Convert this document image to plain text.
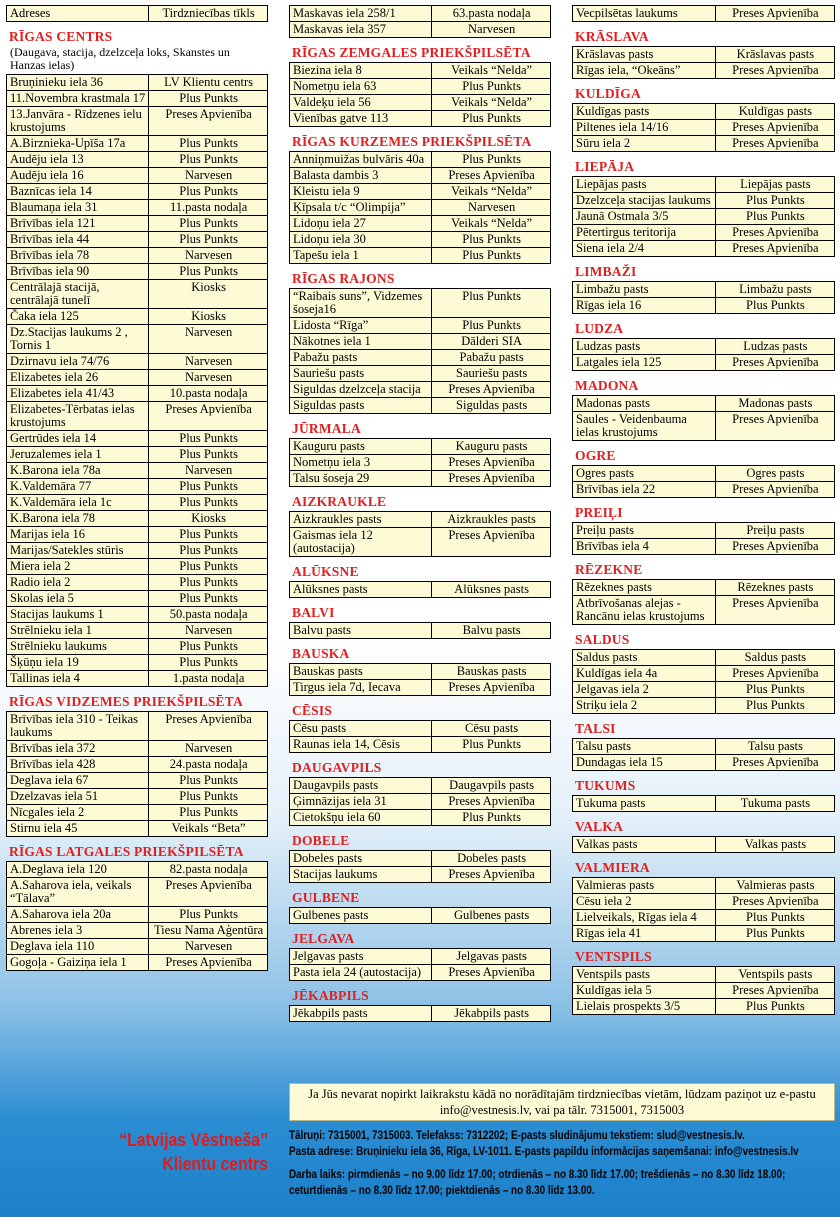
Adreses	Tirdzniecības tīkls
RĪGAS CENTRS
(Daugava, stacija, dzelzceļa loks, Skanstes un Hanzas ielas)
Bruņinieku iela 36	LV Klientu centrs
11.Novembra krastmala 17	Plus Punkts
13.Janvāra - Rīdzenes ielu krustojums	Preses Apvienība
A.Birznieka-Upīša 17a	Plus Punkts
Audēju iela 13	Plus Punkts
Audēju iela 16	Narvesen
Baznīcas iela 14	Plus Punkts
Blaumaņa iela 31	11.pasta nodaļa
Brīvības iela 121	Plus Punkts
Brīvības iela 44	Plus Punkts
Brīvības iela 78	Narvesen
Brīvības iela 90	Plus Punkts
Centrālajā stacijā, centrālajā tunelī	Kiosks
Čaka iela 125	Kiosks
Dz.Stacijas laukums 2 , Tornis 1	Narvesen
Dzirnavu iela 74/76	Narvesen
Elizabetes iela 26	Narvesen
Elizabetes iela 41/43	10.pasta nodaļa
Elizabetes-Tērbatas ielas krustojums	Preses Apvienība
Gertrūdes iela 14	Plus Punkts
Jeruzalemes iela 1	Plus Punkts
K.Barona iela 78a	Narvesen
K.Valdemāra 77	Plus Punkts
K.Valdemāra iela 1c	Plus Punkts
K.Barona iela 78	Kiosks
Marijas iela 16	Plus Punkts
Marijas/Satekles stūris	Plus Punkts
Miera iela 2	Plus Punkts
Radio iela 2	Plus Punkts
Skolas iela 5	Plus Punkts
Stacijas laukums 1	50.pasta nodaļa
Strēlnieku iela 1	Narvesen
Strēlnieku laukums	Plus Punkts
Šķūņu iela 19	Plus Punkts
Tallinas iela 4	1.pasta nodaļa
RĪGAS VIDZEMES PRIEKŠPILSĒTA
Brīvības iela 310 - Teikas laukums	Preses Apvienība
Brīvības iela 372	Narvesen
Brīvības iela 428	24.pasta nodaļa
Deglava iela 67	Plus Punkts
Dzelzavas iela 51	Plus Punkts
Nīcgales iela 2	Plus Punkts
Stirnu iela 45	Veikals “Beta”
RĪGAS LATGALES PRIEKŠPILSĒTA
A.Deglava iela 120	82.pasta nodaļa
A.Saharova iela, veikals “Tālava”	Preses Apvienība
A.Saharova iela 20a	Plus Punkts
Abrenes iela 3	Tiesu Nama Aģentūra
Deglava iela 110	Narvesen
Gogoļa - Gaiziņa iela 1	Preses Apvienība
Maskavas iela 258/1	63.pasta nodaļa
Maskavas iela 357	Narvesen
RĪGAS ZEMGALES PRIEKŠPILSĒTA
Biezina iela 8	Veikals “Nelda”
Nometņu iela 63	Plus Punkts
Valdeķu iela 56	Veikals “Nelda”
Vienības gatve 113	Plus Punkts
RĪGAS KURZEMES PRIEKŠPILSĒTA
Anniņmuižas bulvāris 40a	Plus Punkts
Balasta dambis 3	Preses Apvienība
Kleistu iela 9	Veikals “Nelda”
Ķīpsala t/c “Olimpija”	Narvesen
Lidoņu iela 27	Veikals “Nelda”
Lidoņu iela 30	Plus Punkts
Tapešu iela 1	Plus Punkts
RĪGAS RAJONS
“Raibais suns”, Vidzemes šoseja16	Plus Punkts
Lidosta “Rīga”	Plus Punkts
Nākotnes iela 1	Dālderi SIA
Pabažu pasts	Pabažu pasts
Sauriešu pasts	Sauriešu pasts
Siguldas dzelzceļa stacija	Preses Apvienība
Siguldas pasts	Siguldas pasts
JŪRMALA
Kauguru pasts	Kauguru pasts
Nometņu iela 3	Preses Apvienība
Talsu šoseja 29	Preses Apvienība
AIZKRAUKLE
Aizkraukles pasts	Aizkraukles pasts
Gaismas iela 12 (autostacija)	Preses Apvienība
ALŪKSNE
Alūksnes pasts	Alūksnes pasts
BALVI
Balvu pasts	Balvu pasts
BAUSKA
Bauskas pasts	Bauskas pasts
Tirgus iela 7d, Iecava	Preses Apvienība
CĒSIS
Cēsu pasts	Cēsu pasts
Raunas iela 14, Cēsis	Plus Punkts
DAUGAVPILS
Daugavpils pasts	Daugavpils pasts
Ģimnāzijas iela 31	Preses Apvienība
Cietokšņu iela 60	Plus Punkts
DOBELE
Dobeles pasts	Dobeles pasts
Stacijas laukums	Preses Apvienība
GULBENE
Gulbenes pasts	Gulbenes pasts
JELGAVA
Jelgavas pasts	Jelgavas pasts
Pasta iela 24 (autostacija)	Preses Apvienība
JĒKABPILS
Jēkabpils pasts	Jēkabpils pasts
Vecpilsētas laukums	Preses Apvienība
KRĀSLAVA
Krāslavas pasts	Krāslavas pasts
Rīgas iela, “Okeāns”	Preses Apvienība
KULDĪGA
Kuldīgas pasts	Kuldīgas pasts
Piltenes iela 14/16	Preses Apvienība
Sūru iela 2	Preses Apvienība
LIEPĀJA
Liepājas pasts	Liepājas pasts
Dzelzceļa stacijas laukums	Plus Punkts
Jaunā Ostmala 3/5	Plus Punkts
Pētertirgus teritorija	Preses Apvienība
Siena iela 2/4	Preses Apvienība
LIMBAŽI
Limbažu pasts	Limbažu pasts
Rīgas iela 16	Plus Punkts
LUDZA
Ludzas pasts	Ludzas pasts
Latgales iela 125	Preses Apvienība
MADONA
Madonas pasts	Madonas pasts
Saules - Veidenbauma ielas krustojums	Preses Apvienība
OGRE
Ogres pasts	Ogres pasts
Brīvības iela 22	Preses Apvienība
PREIĻI
Preiļu pasts	Preiļu pasts
Brīvības iela 4	Preses Apvienība
RĒZEKNE
Rēzeknes pasts	Rēzeknes pasts
Atbrīvošanas alejas - Rancānu ielas krustojums	Preses Apvienība
SALDUS
Saldus pasts	Saldus pasts
Kuldīgas iela 4a	Preses Apvienība
Jelgavas iela 2	Plus Punkts
Striķu iela 2	Plus Punkts
TALSI
Talsu pasts	Talsu pasts
Dundagas iela 15	Preses Apvienība
TUKUMS
Tukuma pasts	Tukuma pasts
VALKA
Valkas pasts	Valkas pasts
VALMIERA
Valmieras pasts	Valmieras pasts
Cēsu iela 2	Preses Apvienība
Lielveikals, Rīgas iela 4	Plus Punkts
Rīgas iela 41	Plus Punkts
VENTSPILS
Ventspils pasts	Ventspils pasts
Kuldīgas iela 5	Preses Apvienība
Lielais prospekts 3/5	Plus Punkts
Ja Jūs nevarat nopirkt laikrakstu kādā no norādītajām tirdzniecības vietām, lūdzam paziņot uz e-pastu info@vestnesis.lv, vai pa tālr. 7315001, 7315003
“Latvijas Vēstneša”
Klientu centrs
Tālruņi: 7315001, 7315003. Telefakss: 7312202; E-pasts sludinājumu tekstiem: slud@vestnesis.lv.
Pasta adrese: Bruņinieku iela 36, Rīga, LV-1011. E-pasts papildu informācijas saņemšanai: info@vestnesis.lv
Darba laiks: pirmdienās – no 9.00 līdz 17.00; otrdienās – no 8.30 līdz 17.00; trešdienās – no 8.30 līdz 18.00;
ceturtdienās – no 8.30 līdz 17.00; piektdienās – no 8.30 līdz 13.00.
